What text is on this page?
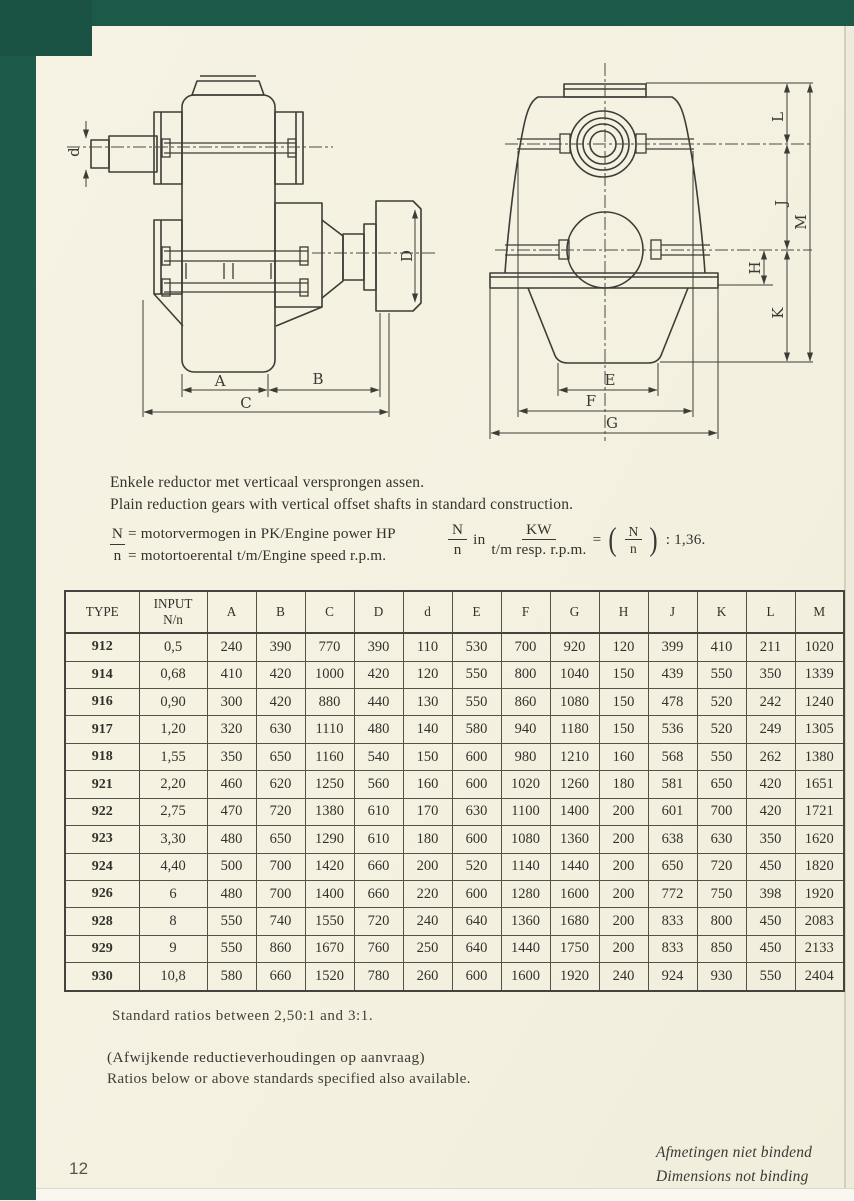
d
D
A	B
C
E
F
G
L
J
K
M
H
Enkele reductor met verticaal versprongen assen.
Plain reduction gears with vertical offset shafts in standard construction.
N = motorvermogen in PK/Engine power HP
n = motortoerental t/m/Engine speed r.p.m.	$\frac{N}{n}$ in $\frac{KW}{\text{t/m resp. r.p.m.}}$ = ( $\frac{N}{n}$ ) : 1,36.
TYPE	INPUT
N/n	A	B	C	D	d	E	F	G	H	J	K	L	M
912	0,5	240	390	770	390	110	530	700	920	120	399	410	211	1020
914	0,68	410	420	1000	420	120	550	800	1040	150	439	550	350	1339
916	0,90	300	420	880	440	130	550	860	1080	150	478	520	242	1240
917	1,20	320	630	1110	480	140	580	940	1180	150	536	520	249	1305
918	1,55	350	650	1160	540	150	600	980	1210	160	568	550	262	1380
921	2,20	460	620	1250	560	160	600	1020	1260	180	581	650	420	1651
922	2,75	470	720	1380	610	170	630	1100	1400	200	601	700	420	1721
923	3,30	480	650	1290	610	180	600	1080	1360	200	638	630	350	1620
924	4,40	500	700	1420	660	200	520	1140	1440	200	650	720	450	1820
926	6	480	700	1400	660	220	600	1280	1600	200	772	750	398	1920
928	8	550	740	1550	720	240	640	1360	1680	200	833	800	450	2083
929	9	550	860	1670	760	250	640	1440	1750	200	833	850	450	2133
930	10,8	580	660	1520	780	260	600	1600	1920	240	924	930	550	2404
Standard ratios between 2,50:1 and 3:1.
(Afwijkende reductieverhoudingen op aanvraag)
Ratios below or above standards specified also available.
Afmetingen niet bindend
Dimensions not binding
12
